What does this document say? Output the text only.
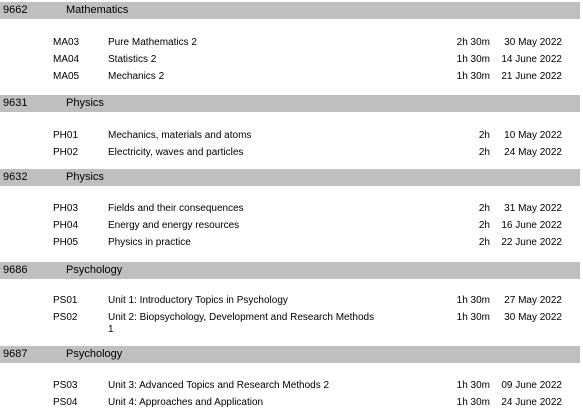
9662	Mathematics
MA03	Pure Mathematics 2	2h 30m 30 May 2022
MA04	Statistics 2	1h 30m 14 June 2022
MA05	Mechanics 2	1h 30m 21 June 2022
9631	Physics
PH01	Mechanics, materials and atoms	2h 10 May 2022
PH02	Electricity, waves and particles	2h 24 May 2022
9632	Physics
PH03	Fields and their consequences	2h 31 May 2022
PH04	Energy and energy resources	2h 16 June 2022
PH05	Physics in practice	2h 22 June 2022
9686	Psychology
PS01	Unit 1: Introductory Topics in Psychology	1h 30m 27 May 2022
PS02	Unit 2: Biopsychology, Development and Research Methods 1
1h 30m 30 May 2022
9687	Psychology
PS03	Unit 3: Advanced Topics and Research Methods 2	1h 30m 09 June 2022
PS04	Unit 4: Approaches and Application	1h 30m 24 June 2022
